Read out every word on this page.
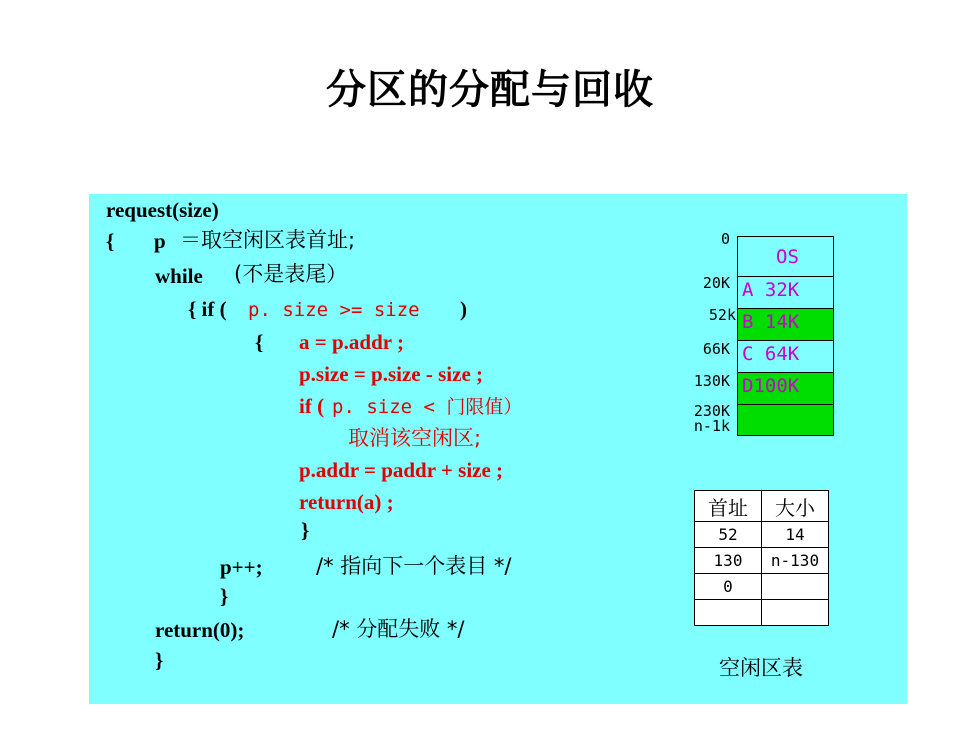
分区的分配与回收
request(size)
{ p ＝取空闲区表首址;
while (不是表尾）
{ if ( p. size >= size )
{ a = p.addr ;
p.size = p.size - size ;
if ( p. size < 门限值）
取消该空闲区;
p.addr = paddr + size ;
return(a) ;
}
p++;	/* 指向下一个表目 */
}
return(0);	/* 分配失败 */
}
0
20K
52k
66K
130K
230K
n-1k
OS
A 32K
B 14K
C 64K
D100K
首址	大小
52	14
130	n-130
0	

空闲区表
